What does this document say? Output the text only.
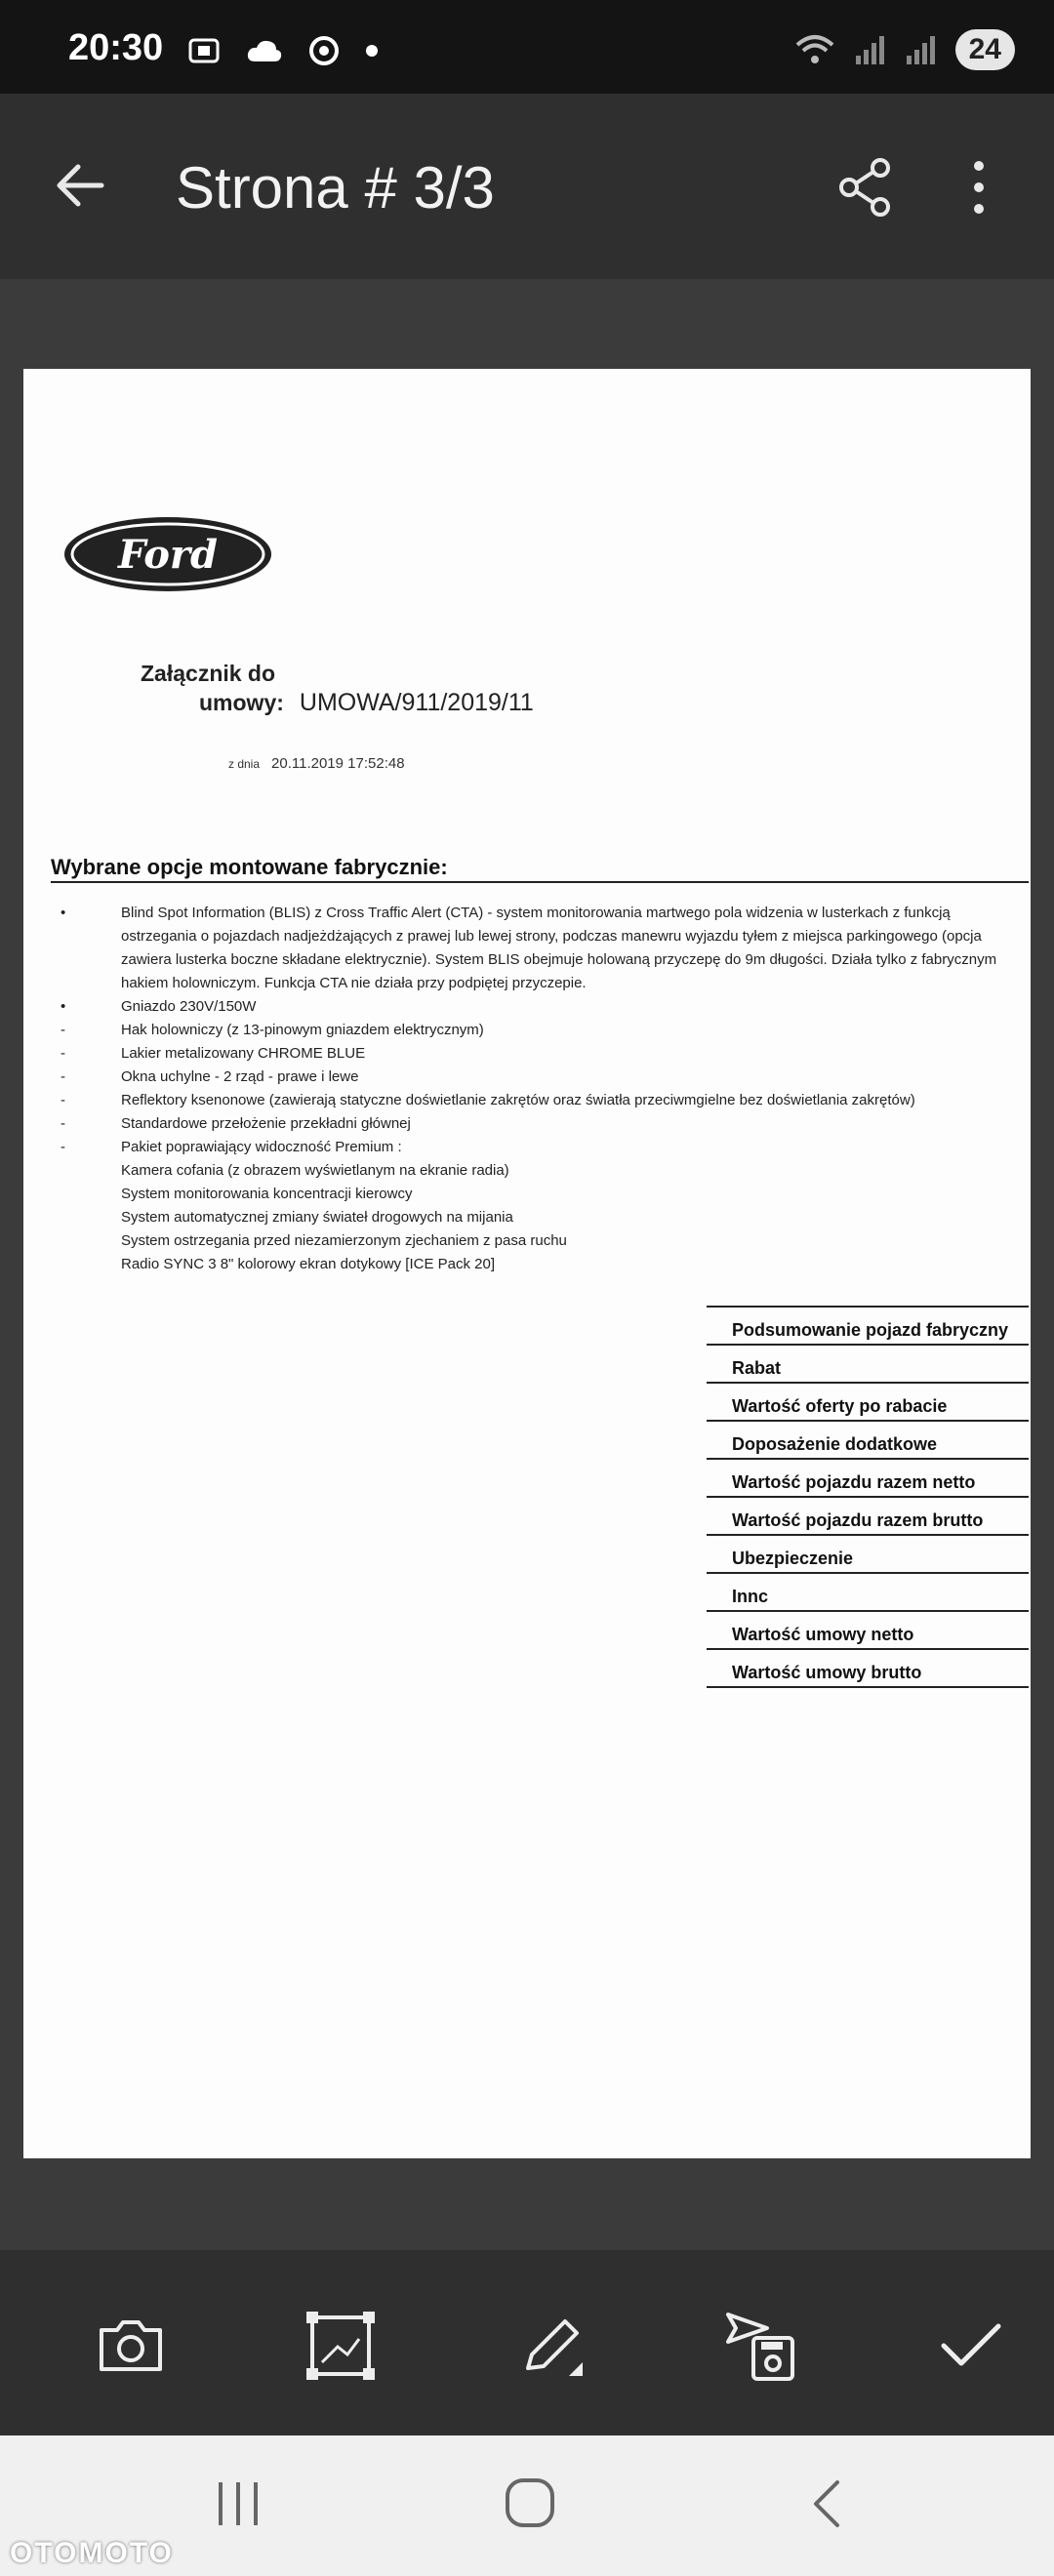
20:30	24
Strona # 3/3
Ford
Załącznik do
umowy: UMOWA/911/2019/11
z dnia 20.11.2019 17:52:48
Wybrane opcje montowane fabrycznie:
•	Blind Spot Information (BLIS) z Cross Traffic Alert (CTA) - system monitorowania martwego pola widzenia w lusterkach z funkcją ostrzegania o pojazdach nadjeżdżających z prawej lub lewej strony, podczas manewru wyjazdu tyłem z miejsca parkingowego (opcja zawiera lusterka boczne składane elektrycznie). System BLIS obejmuje holowaną przyczepę do 9m długości. Działa tylko z fabrycznym hakiem holowniczym. Funkcja CTA nie działa przy podpiętej przyczepie.
•	Gniazdo 230V/150W
-	Hak holowniczy (z 13-pinowym gniazdem elektrycznym)
-	Lakier metalizowany CHROME BLUE
-	Okna uchylne - 2 rząd - prawe i lewe
-	Reflektory ksenonowe (zawierają statyczne doświetlanie zakrętów oraz światła przeciwmgielne bez doświetlania zakrętów)
-	Standardowe przełożenie przekładni głównej
-	Pakiet poprawiający widoczność Premium :
Kamera cofania (z obrazem wyświetlanym na ekranie radia)
System monitorowania koncentracji kierowcy
System automatycznej zmiany świateł drogowych na mijania
System ostrzegania przed niezamierzonym zjechaniem z pasa ruchu
Radio SYNC 3 8" kolorowy ekran dotykowy [ICE Pack 20]
Podsumowanie pojazd fabryczny
Rabat
Wartość oferty po rabacie
Doposażenie dodatkowe
Wartość pojazdu razem netto
Wartość pojazdu razem brutto
Ubezpieczenie
Innc
Wartość umowy netto
Wartość umowy brutto
OTOMOTO
